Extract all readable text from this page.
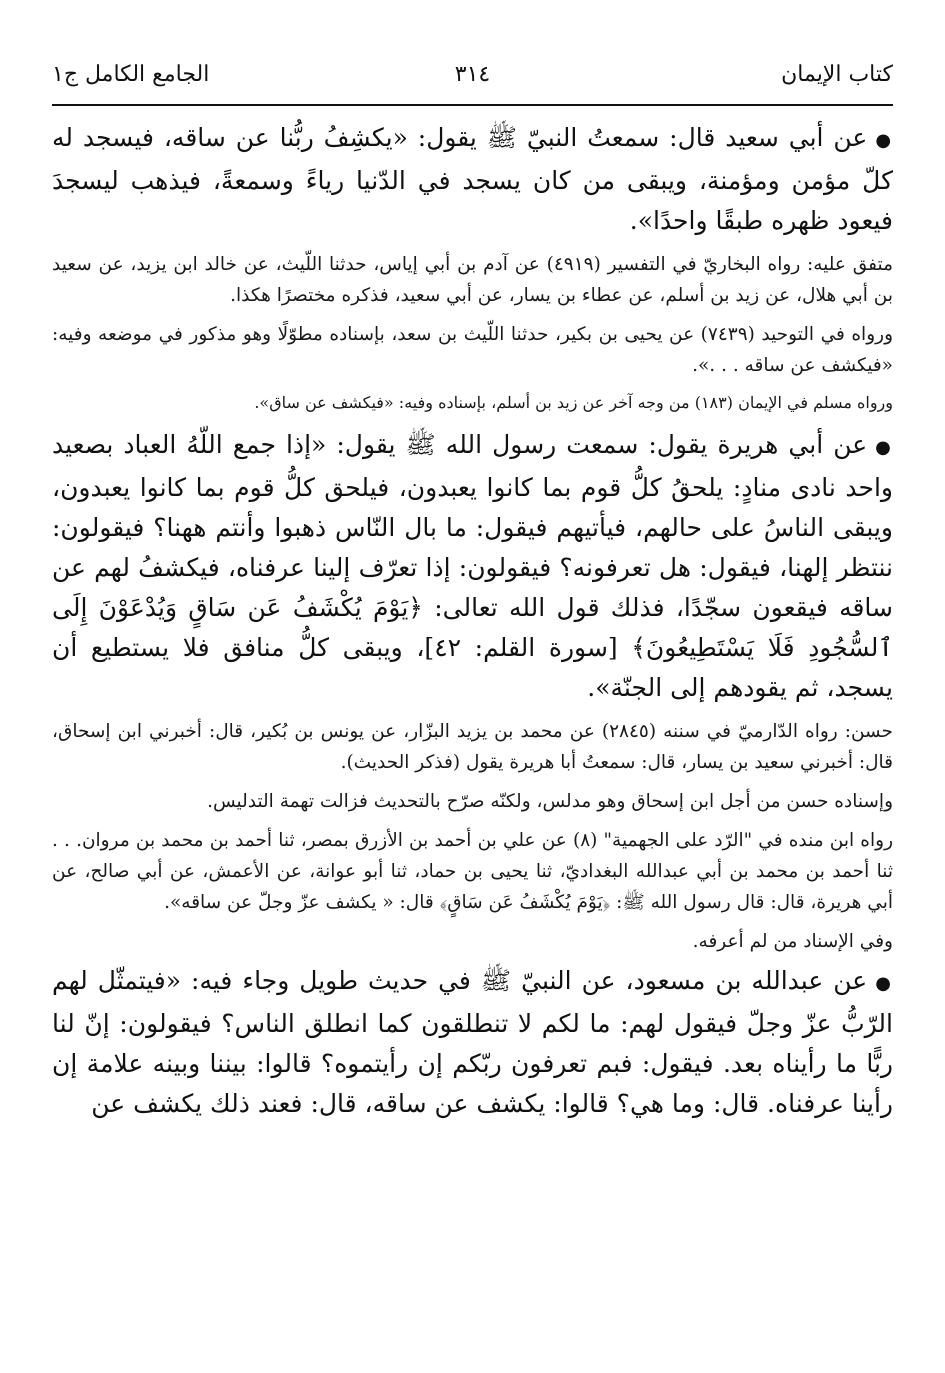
كتاب الإيمان
٣١٤
الجامع الكامل ج١

●عن أبي سعيد قال: سمعتُ النبيّ ﷺ يقول: «يكشِفُ ربُّنا عن ساقه، فيسجد له كلّ مؤمن ومؤمنة، ويبقى من كان يسجد في الدّنيا رياءً وسمعةً، فيذهب ليسجدَ فيعود ظهره طبقًا واحدًا».

متفق عليه: رواه البخاريّ في التفسير (٤٩١٩) عن آدم بن أبي إياس، حدثنا اللّيث، عن خالد ابن يزيد، عن سعيد بن أبي هلال، عن زيد بن أسلم، عن عطاء بن يسار، عن أبي سعيد، فذكره مختصرًا هكذا.

ورواه في التوحيد (٧٤٣٩) عن يحيى بن بكير، حدثنا اللّيث بن سعد، بإسناده مطوّلًا وهو مذكور في موضعه وفيه: «فيكشف عن ساقه . . .».

ورواه مسلم في الإيمان (١٨٣) من وجه آخر عن زيد بن أسلم، بإسناده وفيه: «فيكشف عن ساق».

●عن أبي هريرة يقول: سمعت رسول الله ﷺ يقول: «إذا جمع اللّهُ العباد بصعيد واحد نادى منادٍ: يلحقُ كلُّ قوم بما كانوا يعبدون، فيلحق كلُّ قوم بما كانوا يعبدون، ويبقى الناسُ على حالهم، فيأتيهم فيقول: ما بال النّاس ذهبوا وأنتم ههنا؟ فيقولون: ننتظر إلهنا، فيقول: هل تعرفونه؟ فيقولون: إذا تعرّف إلينا عرفناه، فيكشفُ لهم عن ساقه فيقعون سجّدًا، فذلك قول الله تعالى: ﴿يَوْمَ يُكْشَفُ عَن سَاقٍ وَيُدْعَوْنَ إِلَى ٱلسُّجُودِ فَلَا يَسْتَطِيعُونَ﴾ [سورة القلم: ٤٢]، ويبقى كلُّ منافق فلا يستطيع أن يسجد، ثم يقودهم إلى الجنّة».

حسن: رواه الدّارميّ في سننه (٢٨٤٥) عن محمد بن يزيد البزّار، عن يونس بن بُكير، قال: أخبرني ابن إسحاق، قال: أخبرني سعيد بن يسار، قال: سمعتُ أبا هريرة يقول (فذكر الحديث).

وإسناده حسن من أجل ابن إسحاق وهو مدلس، ولكنّه صرّح بالتحديث فزالت تهمة التدليس.

رواه ابن منده في "الرّد على الجهمية" (٨) عن علي بن أحمد بن الأزرق بمصر، ثنا أحمد بن محمد بن مروان. . . ثنا أحمد بن محمد بن أبي عبدالله البغداديّ، ثنا يحيى بن حماد، ثنا أبو عوانة، عن الأعمش، عن أبي صالح، عن أبي هريرة، قال: قال رسول الله ﷺ: ﴿يَوْمَ يُكْشَفُ عَن سَاقٍ﴾ قال: « يكشف عزّ وجلّ عن ساقه».

وفي الإسناد من لم أعرفه.

●عن عبدالله بن مسعود، عن النبيّ ﷺ في حديث طويل وجاء فيه: «فيتمثّل لهم الرّبُّ عزّ وجلّ فيقول لهم: ما لكم لا تنطلقون كما انطلق الناس؟ فيقولون: إنّ لنا ربًّا ما رأيناه بعد. فيقول: فبم تعرفون ربّكم إن رأيتموه؟ قالوا: بيننا وبينه علامة إن رأينا عرفناه. قال: وما هي؟ قالوا: يكشف عن ساقه، قال: فعند ذلك يكشف عن
